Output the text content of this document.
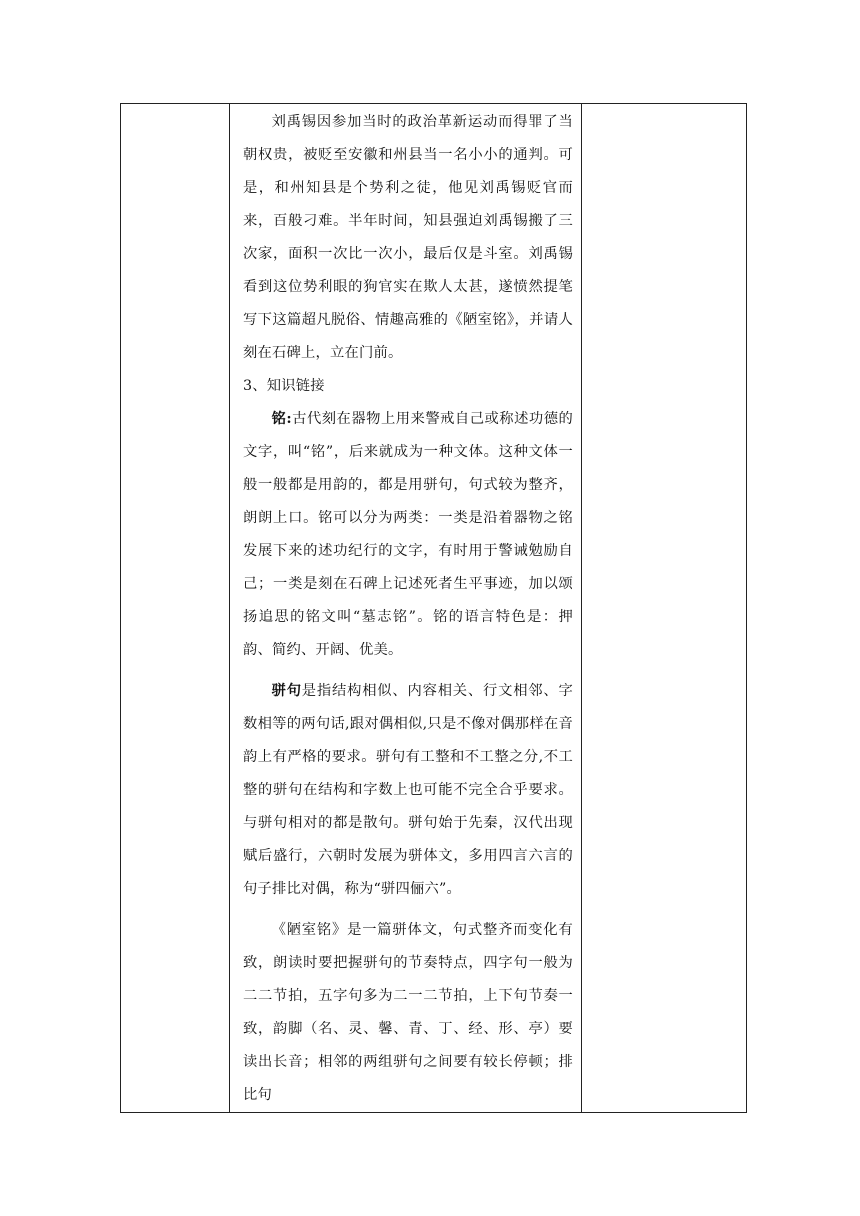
刘禹锡因参加当时的政治革新运动而得罪了当朝权贵，被贬至安徽和州县当一名小小的通判。可是，和州知县是个势利之徒，他见刘禹锡贬官而来，百般刁难。半年时间，知县强迫刘禹锡搬了三次家，面积一次比一次小，最后仅是斗室。刘禹锡看到这位势利眼的狗官实在欺人太甚，遂愤然提笔写下这篇超凡脱俗、情趣高雅的《陋室铭》，并请人刻在石碑上，立在门前。

3、知识链接

铭:古代刻在器物上用来警戒自己或称述功德的文字，叫“铭”，后来就成为一种文体。这种文体一般一般都是用韵的，都是用骈句，句式较为整齐，朗朗上口。铭可以分为两类：一类是沿着器物之铭发展下来的述功纪行的文字，有时用于警诫勉励自己；一类是刻在石碑上记述死者生平事迹，加以颂扬追思的铭文叫“墓志铭”。铭的语言特色是：押韵、简约、开阔、优美。

骈句是指结构相似、内容相关、行文相邻、字数相等的两句话,跟对偶相似,只是不像对偶那样在音韵上有严格的要求。骈句有工整和不工整之分,不工整的骈句在结构和字数上也可能不完全合乎要求。与骈句相对的都是散句。骈句始于先秦，汉代出现赋后盛行，六朝时发展为骈体文，多用四言六言的句子排比对偶，称为“骈四俪六”。

《陋室铭》是一篇骈体文，句式整齐而变化有致，朗读时要把握骈句的节奏特点，四字句一般为二二节拍，五字句多为二一二节拍，上下句节奏一致，韵脚（名、灵、馨、青、丁、经、形、亭）要读出长音；相邻的两组骈句之间要有较长停顿；排比句
